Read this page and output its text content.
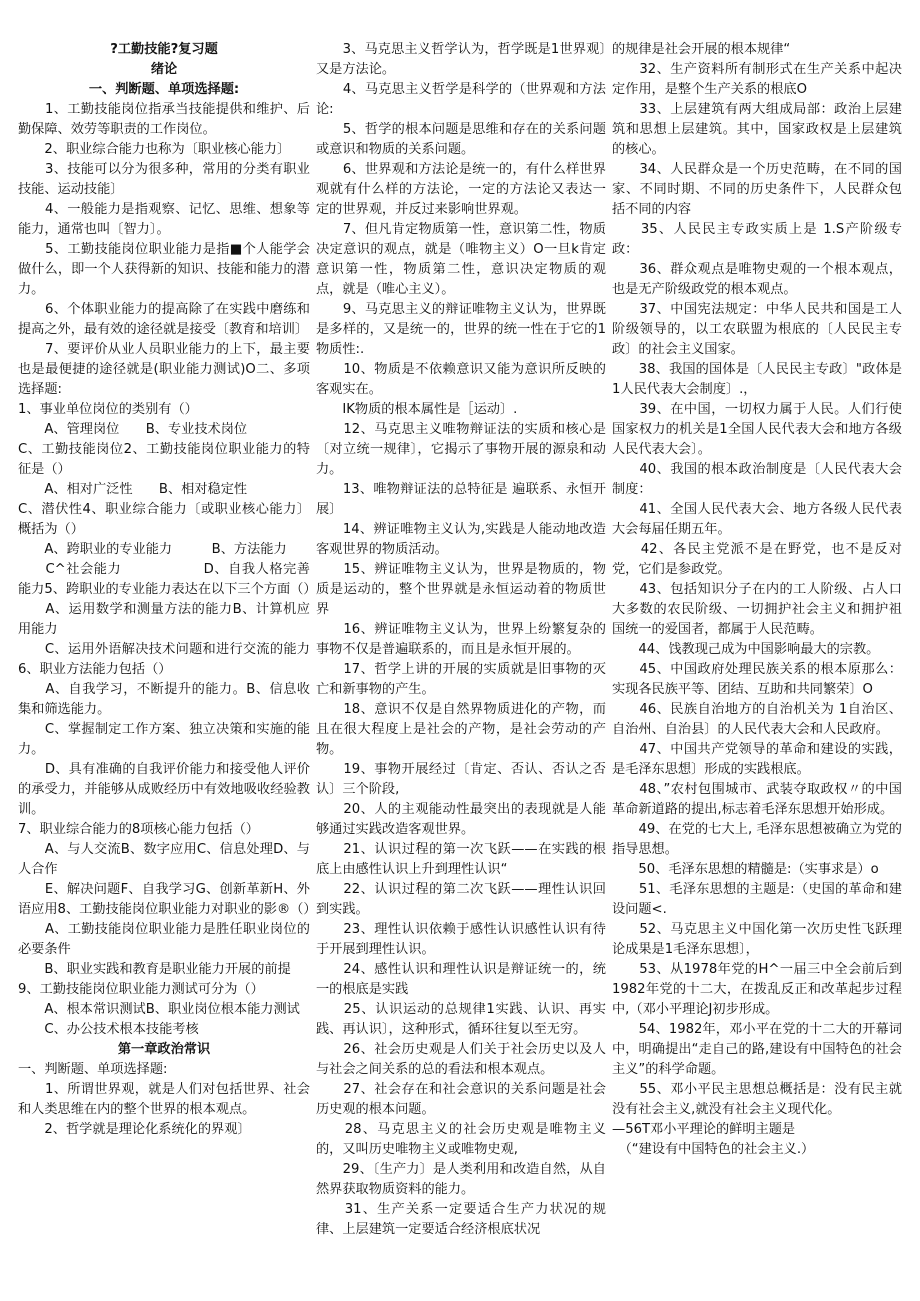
?工勤技能?复习题

绪论

一、判断题、单项选择题:

　　1、工勤技能岗位指承当技能提供和维护、后勤保障、效劳等职责的工作岗位。

　　2、职业综合能力也称为〔职业核心能力〕

　　3、技能可以分为很多种，常用的分类有职业技能、运动技能〕

　　4、一般能力是指观察、记忆、思维、想象等能力，通常也叫〔智力〕。

　　5、工勤技能岗位职业能力是指■个人能学会做什么，即一个人获得新的知识、技能和能力的潜力。

　　6、个体职业能力的提高除了在实践中磨练和提高之外，最有效的途径就是接受〔教育和培训〕

　　7、要评价从业人员职业能力的上下，最主要也是最便捷的途径就是(职业能力测试)O二、多项选择题:

1、事业单位岗位的类别有（）

　　A、管理岗位　　B、专业技术岗位

C、工勤技能岗位2、工勤技能岗位职业能力的特征是（）

　　A、相对广泛性　　B、相对稳定性

C、潜伏性4、职业综合能力〔或职业核心能力〕概括为（）

　　A、跨职业的专业能力　　　B、方法能力

　　C^社会能力　　　　　　D、自我人格完善能力5、跨职业的专业能力表达在以下三个方面（）

　　A、运用数学和测量方法的能力B、计算机应用能力

　　C、运用外语解决技术问题和进行交流的能力6、职业方法能力包括（）

　　A、自我学习，不断提升的能力。B、信息收集和筛选能力。

　　C、掌握制定工作方案、独立决策和实施的能力。

　　D、具有准确的自我评价能力和接受他人评价的承受力，并能够从成败经历中有效地吸收经验教训。

7、职业综合能力的8项核心能力包括（）

　　A、与人交流B、数字应用C、信息处理D、与人合作

　　E、解决问题F、自我学习G、创新革新H、外语应用8、工勤技能岗位职业能力对职业的影®（）

　　A、工勤技能岗位职业能力是胜任职业岗位的必要条件

　　B、职业实践和教育是职业能力开展的前提

9、工勤技能岗位职业能力测试可分为（）

　　A、根本常识测试B、职业岗位根本能力测试

　　C、办公技术根本技能考核

第一章政治常识

一、判断题、单项选择题:

　　1、所谓世界观，就是人们对包括世界、社会和人类思维在内的整个世界的根本观点。

　　2、哲学就是理论化系统化的界观〕

　　3、马克思主义哲学认为，哲学既是1世界观〕又是方法论。

　　4、马克思主义哲学是科学的（世界观和方法论:

　　5、哲学的根本问题是思维和存在的关系问题或意识和物质的关系问题。

　　6、世界观和方法论是统一的，有什么样世界观就有什么样的方法论，一定的方法论又表达一定的世界观，并反过来影响世界观。

　　7、但凡肯定物质第一性，意识第二性，物质决定意识的观点，就是（唯物主义）O一旦k肯定意识第一性，物质第二性，意识决定物质的观点，就是（唯心主义）。

　　9、马克思主义的辩证唯物主义认为，世界既是多样的，又是统一的，世界的统一性在于它的1物质性:.

　　10、物质是不依赖意识又能为意识所反映的客观实在。

　　IK物质的根本属性是［运动〕.

　　12、马克思主义唯物辩证法的实质和核心是〔对立统一规律〕，它揭示了事物开展的源泉和动力。

　　13、唯物辩证法的总特征是 遍联系、永恒开展〕

　　14、辨证唯物主义认为,实践是人能动地改造客观世界的物质活动。

　　15、辨证唯物主义认为，世界是物质的，物质是运动的，整个世界就是永恒运动着的物质世界

　　16、辨证唯物主义认为，世界上纷繁复杂的事物不仅是普遍联系的，而且是永恒开展的。

　　17、哲学上讲的开展的实质就是旧事物的灭亡和新事物的产生。

　　18、意识不仅是自然界物质进化的产物，而且在很大程度上是社会的产物，是社会劳动的产物。

　　19、事物开展经过〔肯定、否认、否认之否认〕三个阶段,

　　20、人的主观能动性最突出的表现就是人能够通过实践改造客观世界。

　　21、认识过程的第一次飞跃——在实践的根底上由感性认识上升到理性认识“

　　22、认识过程的第二次飞跃——理性认识回到实践。

　　23、理性认识依赖于感性认识感性认识有待于开展到理性认识。

　　24、感性认识和理性认识是辩证统一的，统一的根底是实践

　　25、认识运动的总规律1实践、认识、再实践、再认识〕，这种形式，循环往复以至无穷。

　　26、社会历史观是人们关于社会历史以及人与社会之间关系的总的看法和根本观点。

　　27、社会存在和社会意识的关系问题是社会历史观的根本问题。

　　28、马克思主义的社会历史观是唯物主义的，又叫历史唯物主义或唯物史观,

　　29、〔生产力〕是人类利用和改造自然，从自然界获取物质资料的能力。

　　31、生产关系一定要适合生产力状况的规律、上层建筑一定要适合经济根底状况

的规律是社会开展的根本规律“

　　32、生产资料所有制形式在生产关系中起决定作用，是整个生产关系的根底O

　　33、上层建筑有两大组成局部：政治上层建筑和思想上层建筑。其中，国家政权是上层建筑的核心。

　　34、人民群众是一个历史范畴，在不同的国家、不同时期、不同的历史条件下，人民群众包括不同的内容

　　35、人民民主专政实质上是 1.S产阶级专政：

　　36、群众观点是唯物史观的一个根本观点，也是无产阶级政党的根本观点。

　　37、中国宪法规定：中华人民共和国是工人阶级领导的，以工农联盟为根底的〔人民民主专政〕的社会主义国家。

　　38、我国的国体是〔人民民主专政〕"政体是1人民代表大会制度〕.，

　　39、在中国，一切权力属于人民。人们行使国家权力的机关是1全国人民代表大会和地方各级人民代表大会〕。

　　40、我国的根本政治制度是〔人民代表大会制度：

　　41、全国人民代表大会、地方各级人民代表大会每届任期五年。

　　42、各民主党派不是在野党，也不是反对党，它们是参政党。

　　43、包括知识分子在内的工人阶级、占人口大多数的农民阶级、一切拥护社会主义和拥护祖国统一的爱国者，都属于人民范畴。

　　44、饯教现己成为中国影响最大的宗教。

　　45、中国政府处理民族关系的根本原那么：实现各民族平等、团结、互助和共同繁荣〕O

　　46、民族自治地方的自治机关为 1自治区、自治州、自治县〕的人民代表大会和人民政府。

　　47、中国共产党领导的革命和建设的实践，是毛泽东思想〕形成的实践根底。

　　48、”农村包围城市、武装夺取政权〃的中国革命新道路的提出,标志着毛泽东思想开始形成。

　　49、在党的七大上, 毛泽东思想被确立为党的指导思想。

　　50、毛泽东思想的精髓是:（实事求是）o

　　51、毛泽东思想的主题是:（史国的革命和建设问题<.

　　52、马克思主义中国化第一次历史性飞跃理论成果是1毛泽东思想〕，

　　53、从1978年党的H^一届三中全会前后到1982年党的十二大，在拨乱反正和改革起步过程中,（邓小平理论J初步形成。

　　54、1982年，邓小平在党的十二大的开幕词中，明确提出“走自己的路,建设有中国特色的社会主义”的科学命题。

　　55、邓小平民主思想总概括是：没有民主就没有社会主义,就没有社会主义现代化。

—56T邓小平理论的鲜明主题是

　（“建设有中国特色的社会主义.）
